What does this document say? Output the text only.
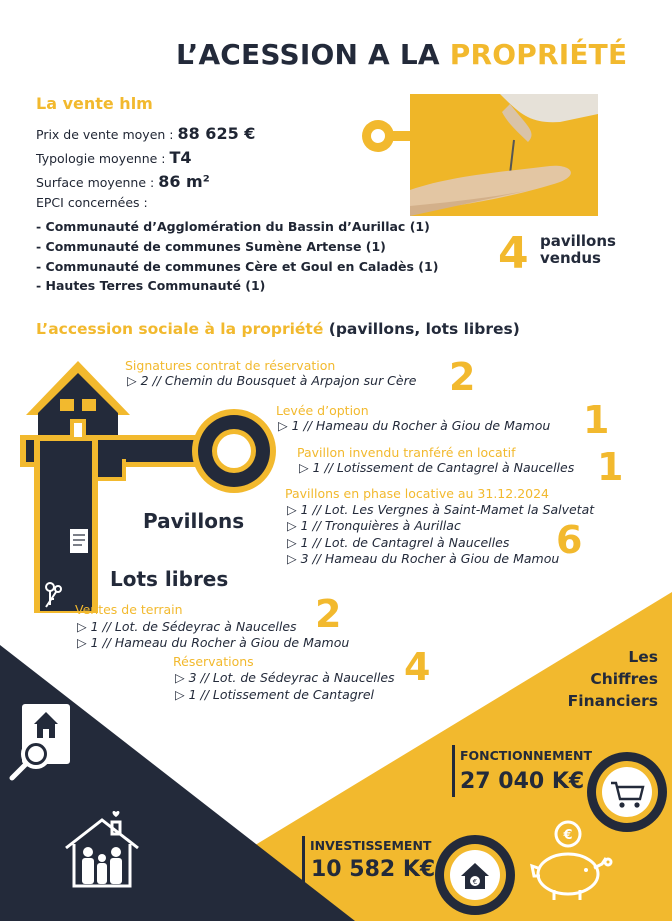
L’ACESSION A LA PROPRIÉTÉ
La vente hlm
Prix de vente moyen : 88 625 €
Typologie moyenne : T4
Surface moyenne : 86 m²
EPCI concernées :
- Communauté d’Agglomération du Bassin d’Aurillac (1)
- Communauté de communes Sumène Artense (1)
- Communauté de communes Cère et Goul en Caladès (1)
- Hautes Terres Communauté (1)
4 pavillons
vendus
L’accession sociale à la propriété (pavillons, lots libres)
Pavillons
Lots libres
Signatures contrat de réservation
▷ 2 // Chemin du Bousquet à Arpajon sur Cère 2
Levée d’option
▷ 1 // Hameau du Rocher à Giou de Mamou 1
Pavillon invendu tranféré en locatif
▷ 1 // Lotissement de Cantagrel à Naucelles 1
Pavillons en phase locative au 31.12.2024
▷ 1 // Lot. Les Vergnes à Saint-Mamet la Salvetat
▷ 1 // Tronquières à Aurillac
▷ 1 // Lot. de Cantagrel à Naucelles
▷ 3 // Hameau du Rocher à Giou de Mamou
6
Ventes de terrain
▷ 1 // Lot. de Sédeyrac à Naucelles
▷ 1 // Hameau du Rocher à Giou de Mamou
2
Réservations
▷ 3 // Lot. de Sédeyrac à Naucelles
▷ 1 // Lotissement de Cantagrel
4	Les
Chiffres
Financiers
FONCTIONNEMENT
27 040 K€
INVESTISSEMENT
10 582 K€	€
€
